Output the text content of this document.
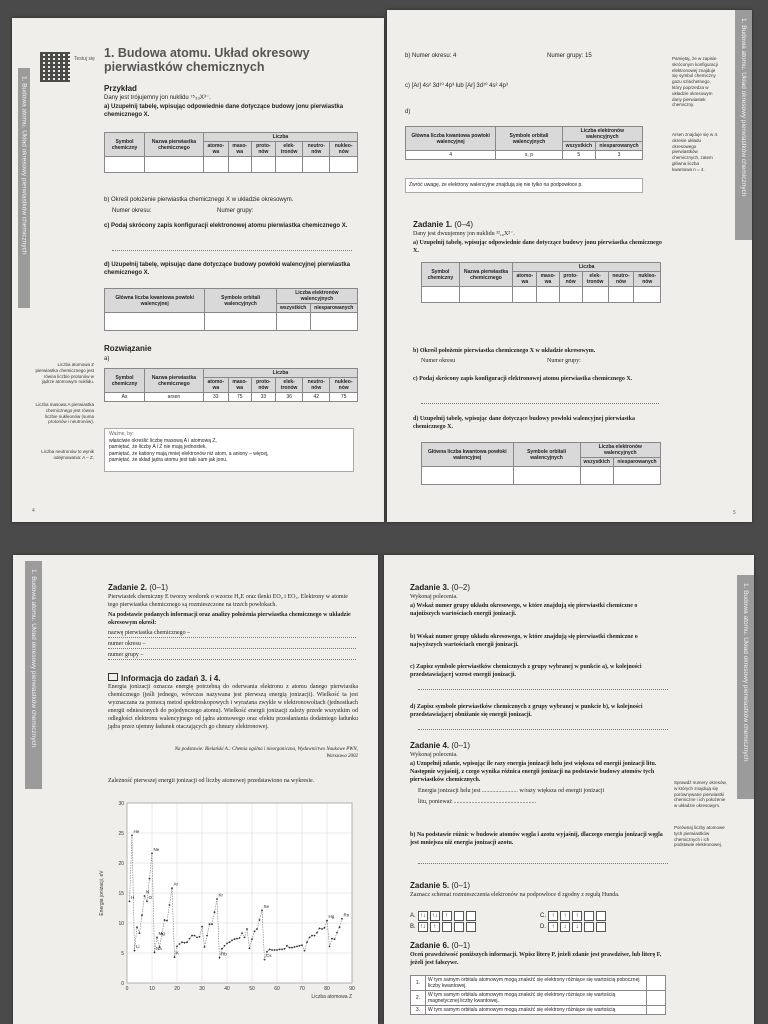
1. Budowa atomu. Układ okresowy pierwiastków chemicznych
Testuj się 1. Budowa atomu. Układ okresowy pierwiastków chemicznych
Przykład
Dany jest trójujemny jon nuklidu ⁷⁵₃₃X³⁻.
a) Uzupełnij tabelę, wpisując odpowiednie dane dotyczące budowy jonu pierwiastka chemicznego X.
Symbol chemiczny	Nazwa pierwiastka chemicznego	Liczba					
		atomo-wa	maso-wa	proto-nów	elek-tronów	neutro-nów	nukleo-nów

b) Określ położenie pierwiastka chemicznego X w układzie okresowym.
Numer okresu:	Numer grupy:
c) Podaj skrócony zapis konfiguracji elektronowej atomu pierwiastka chemicznego X.
d) Uzupełnij tabelę, wpisując dane dotyczące budowy powłoki walencyjnej pierwiastka chemicznego X.
Główna liczba kwantowa powłoki walencyjnej	Symbole orbitali walencyjnych	Liczba elektronów walencyjnych	
		wszystkich	niesparowanych

Rozwiązanie
a)
Symbol chemiczny	Nazwa pierwiastka chemicznego	Liczba					
		atomo-wa	maso-wa	proto-nów	elek-tronów	neutro-nów	nukleo-nów
As	arsen	33	75	33	36	42	75
Ważne, by:
właściwie określić liczbę masową A i atomową Z,
pamiętać, że liczby A i Z nie mają jednostek,
pamiętać, że kationy mają mniej elektronów niż atom, a aniony – więcej,
pamiętać, że skład jądra atomu jest taki sam jak jonu.
Liczba atomowa Z pierwiastka chemicznego jest równa liczbie protonów w jądrze atomowym nuklidu.
Liczba masowa A pierwiastka chemicznego jest równa liczbie nukleonów (suma protonów i neutronów).
Liczba neutronów to wynik odejmowania: A – Z.
4
1. Budowa atomu. Układ okresowy pierwiastków chemicznych
b) Numer okresu: 4	Numer grupy: 15
c) [Ar] 4s² 3d¹⁰ 4p³ lub [Ar] 3d¹⁰ 4s² 4p³
d)
Główna liczba kwantowa powłoki walencyjnej	Symbole orbitali walencyjnych	Liczba elektronów walencyjnych	
		wszystkich	niesparowanych
4	s, p	5	3
Zwróć uwagę, że elektrony walencyjne znajdują się nie tylko na podpowłoce p.
Pamiętaj, że w zapisie skróconym konfiguracji elektronowej znajduje się symbol chemiczny gazu szlachetnego, który poprzedza w układzie okresowym dany pierwiastek chemiczny.
Arsen znajduje się w 4. okresie układu okresowego pierwiastków chemicznych, zatem główna liczba kwantowa n = 4.
Zadanie 1. (0–4)
Dany jest dwuujemny jon nuklidu ³²₁₆X²⁻.
a) Uzupełnij tabelę, wpisując odpowiednie dane dotyczące budowy jonu pierwiastka chemicznego X.
Symbol chemiczny	Nazwa pierwiastka chemicznego	Liczba					
		atomo-wa	maso-wa	proto-nów	elek-tronów	neutro-nów	nukleo-nów

b) Określ położenie pierwiastka chemicznego X w układzie okresowym.
Numer okresu	Numer grupy:
c) Podaj skrócony zapis konfiguracji elektronowej atomu pierwiastka chemicznego X.
d) Uzupełnij tabelę, wpisując dane dotyczące budowy powłoki walencyjnej pierwiastka chemicznego X.
Główna liczba kwantowa powłoki walencyjnej	Symbole orbitali walencyjnych	Liczba elektronów walencyjnych	
		wszystkich	niesparowanych

5
1. Budowa atomu. Układ okresowy pierwiastków chemicznych	Zadanie 2. (0–1)
Pierwiastek chemiczny E tworzy wodorek o wzorze H₂E oraz tlenki EO₂ i EO₃. Elektrony w atomie tego pierwiastka chemicznego są rozmieszczone na trzech powłokach.
Na podstawie podanych informacji oraz analizy położenia pierwiastka chemicznego w układzie okresowym określ:
nazwę pierwiastka chemicznego –
numer okresu –
numer grupy –
Informacja do zadań 3. i 4.
Energia jonizacji oznacza energię potrzebną do oderwania elektronu z atomu danego pierwiastka chemicznego (jeśli jednego, wówczas nazywana jest pierwszą energią jonizacji). Wielkość ta jest wyznaczana za pomocą metod spektroskopowych i wyrażana zwykle w elektronowoltach (jednostkach energii odniesionych do pojedynczego atomu). Wielkość energii jonizacji zależy przede wszystkim od odległości elektronu walencyjnego od jądra atomowego oraz efektu przesłaniania dodatniego ładunku jądra przez ujemny ładunek otaczających go chmury elektronowej.
Na podstawie: Bielański A.: Chemia ogólna i nieorganiczna, Wydawnictwo Naukowe PWN, Warszawa 2002
Zależność pierwszej energii jonizacji od liczby atomowej przedstawiono na wykresie.
0
5
10
15
20
25
30
0	10	20	30	40	50	60	70	80	90
H
He
Li
N
O
Ne
Na
Mg
Ar
K
Kr
Rb
Xe
Cs
Hg Rn
Liczba atomowa Z
Energia jonizacji, eV
1. Budowa atomu. Układ okresowy pierwiastków chemicznych
Zadanie 3. (0–2)
Wykonaj polecenia.
a) Wskaż numer grupy układu okresowego, w które znajdują się pierwiastki chemiczne o najniższych wartościach energii jonizacji.
b) Wskaż numer grupy układu okresowego, w które znajdują się pierwiastki chemiczne o najwyższych wartościach energii jonizacji.
c) Zapisz symbole pierwiastków chemicznych z grupy wybranej w punkcie a), w kolejności przedstawiającej wzrost energii jonizacji.
d) Zapisz symbole pierwiastków chemicznych z grupy wybranej w punkcie b), w kolejności przedstawiającej obniżanie się energii jonizacji.
Zadanie 4. (0–1)
Wykonaj polecenia.
a) Uzupełnij zdanie, wpisując ile razy energia jonizacji helu jest większa od energii jonizacji litu. Następnie wyjaśnij, z czego wynika różnica energii jonizacji na podstawie budowy atomów tych pierwiastków chemicznych.
Energia jonizacji helu jest ........................ w/razy większa od energii jonizacji
litu, ponieważ .......................................................
b) Na podstawie różnic w budowie atomów węgla i azotu wyjaśnij, dlaczego energia jonizacji węgla jest mniejsza niż energia jonizacji azotu.
Sprawdź numery okresów, w których znajdują się porównywane pierwiastki chemiczne i ich położenie w układzie okresowym.
Porównaj liczby atomowe tych pierwiastków chemicznych i ich podstawie elektronowej.
Zadanie 5. (0–1)
Zaznacz schemat rozmieszczenia elektronów na podpowłoce d zgodny z regułą Hunda.
A. ↑↓	↑↓	↑
B. ↑↓	↑
C. ↑	↑	↑
D. ↑	↓	↓
Zadanie 6. (0–1)
Oceń prawdziwość poniższych informacji. Wpisz literę P, jeżeli zdanie jest prawdziwe, lub literę F, jeżeli jest fałszywe.
1.	W tym samym orbitalu atomowym mogą znaleźć się elektrony różniące się wartością pobocznej liczby kwantowej.	
2.	W tym samym orbitalu atomowym mogą znaleźć się elektrony różniące się wartością magnetycznej liczby kwantowej.	
3.	W tym samym orbitalu atomowym mogą znaleźć się elektrony różniące się wartością	
